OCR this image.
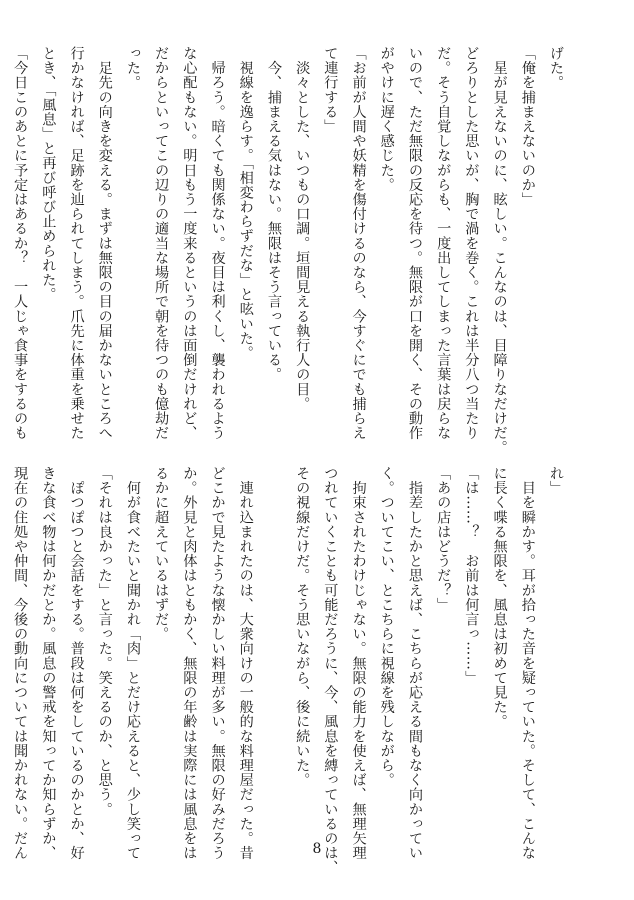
げた。

「俺を捕まえないのか」

　星が見えないのに、眩しい。こんなのは、目障りなだけだ。

どろりとした思いが、胸で渦を巻く。これは半分八つ当たり

だ。そう自覚しながらも、一度出してしまった言葉は戻らな

いので、ただ無限の反応を待つ。無限が口を開く、その動作

がやけに遅く感じた。

「お前が人間や妖精を傷付けるのなら、今すぐにでも捕らえ

て連行する」

　淡々とした、いつもの口調。垣間見える執行人の目。

　今、捕まえる気はない。無限はそう言っている。

　視線を逸らす。「相変わらずだな」と呟いた。

　帰ろう。暗くても関係ない。夜目は利くし、襲われるよう

な心配もない。明日もう一度来るというのは面倒だけれど、

だからといってこの辺りの適当な場所で朝を待つのも億劫だ

った。

　足先の向きを変える。まずは無限の目の届かないところへ

行かなければ、足跡を辿られてしまう。爪先に体重を乗せた

とき、「風息」と再び呼び止められた。

「今日このあとに予定はあるか？　一人じゃ食事をするのも

れ」

　目を瞬かす。耳が拾った音を疑っていた。そして、こんな

に長く喋る無限を、風息は初めて見た。

「は……？　お前は何言っ……」

「あの店はどうだ？」

　指差したかと思えば、こちらが応える間もなく向かってい

く。ついてこい、とこちらに視線を残しながら。

　拘束されたわけじゃない。無限の能力を使えば、無理矢理

つれていくことも可能だろうに、今、風息を縛っているのは、

その視線だけだ。そう思いながら、後に続いた。

　連れ込まれたのは、大衆向けの一般的な料理屋だった。昔

どこかで見たような懐かしい料理が多い。無限の好みだろう

か。外見と肉体はともかく、無限の年齢は実際には風息をは

るかに超えているはずだ。

　何が食べたいと聞かれ「肉」とだけ応えると、少し笑って

「それは良かった」と言った。笑えるのか、と思う。

　ぽつぽつと会話をする。普段は何をしているのかとか、好

きな食べ物は何かだとか。風息の警戒を知ってか知らずか、

現在の住処や仲間、今後の動向については聞かれない。だん	8
